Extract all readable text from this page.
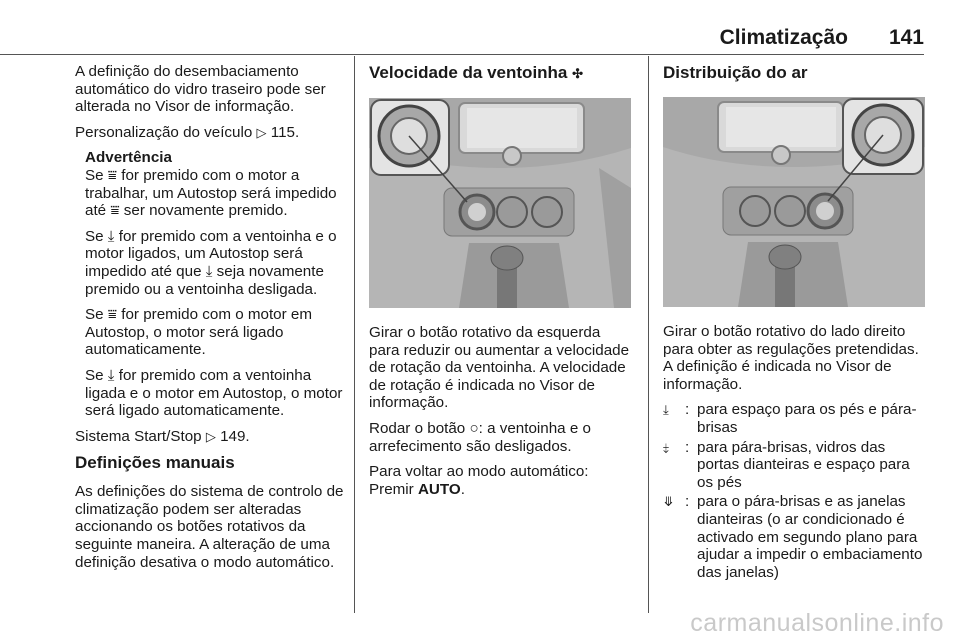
Climatização 141

A definição do desembaciamento automático do vidro traseiro pode ser alterada no Visor de informação.

Personalização do veículo ▷ 115.

Advertência

Se ⩸ for premido com o motor a trabalhar, um Autostop será impedido até ⩸ ser novamente premido.

Se ⤓ for premido com a ventoinha e o motor ligados, um Autostop será impedido até que ⤓ seja novamente premido ou a ventoinha desligada.

Se ⩸ for premido com o motor em Autostop, o motor será ligado automaticamente.

Se ⤓ for premido com a ventoinha ligada e o motor em Autostop, o motor será ligado automaticamente.

Sistema Start/Stop ▷ 149.

Definições manuais

As definições do sistema de controlo de climatização podem ser alteradas accionando os botões rotativos da seguinte maneira. A alteração de uma definição desativa o modo automático.

Velocidade da ventoinha ✣

Girar o botão rotativo da esquerda para reduzir ou aumentar a velocidade de rotação da ventoinha. A velocidade de rotação é indicada no Visor de informação.

Rodar o botão ○: a ventoinha e o arrefecimento são desligados.

Para voltar ao modo automático: Premir AUTO.

Distribuição do ar

Girar o botão rotativo do lado direito para obter as regulações pretendidas. A definição é indicada no Visor de informação.

⤓	: para espaço para os pés e pára-brisas
⤈	: para pára-brisas, vidros das portas dianteiras e espaço para os pés
⤋ : para o pára-brisas e as janelas dianteiras (o ar condicionado é activado em segundo plano para ajudar a impedir o embaciamento das janelas)
carmanualsonline.info
